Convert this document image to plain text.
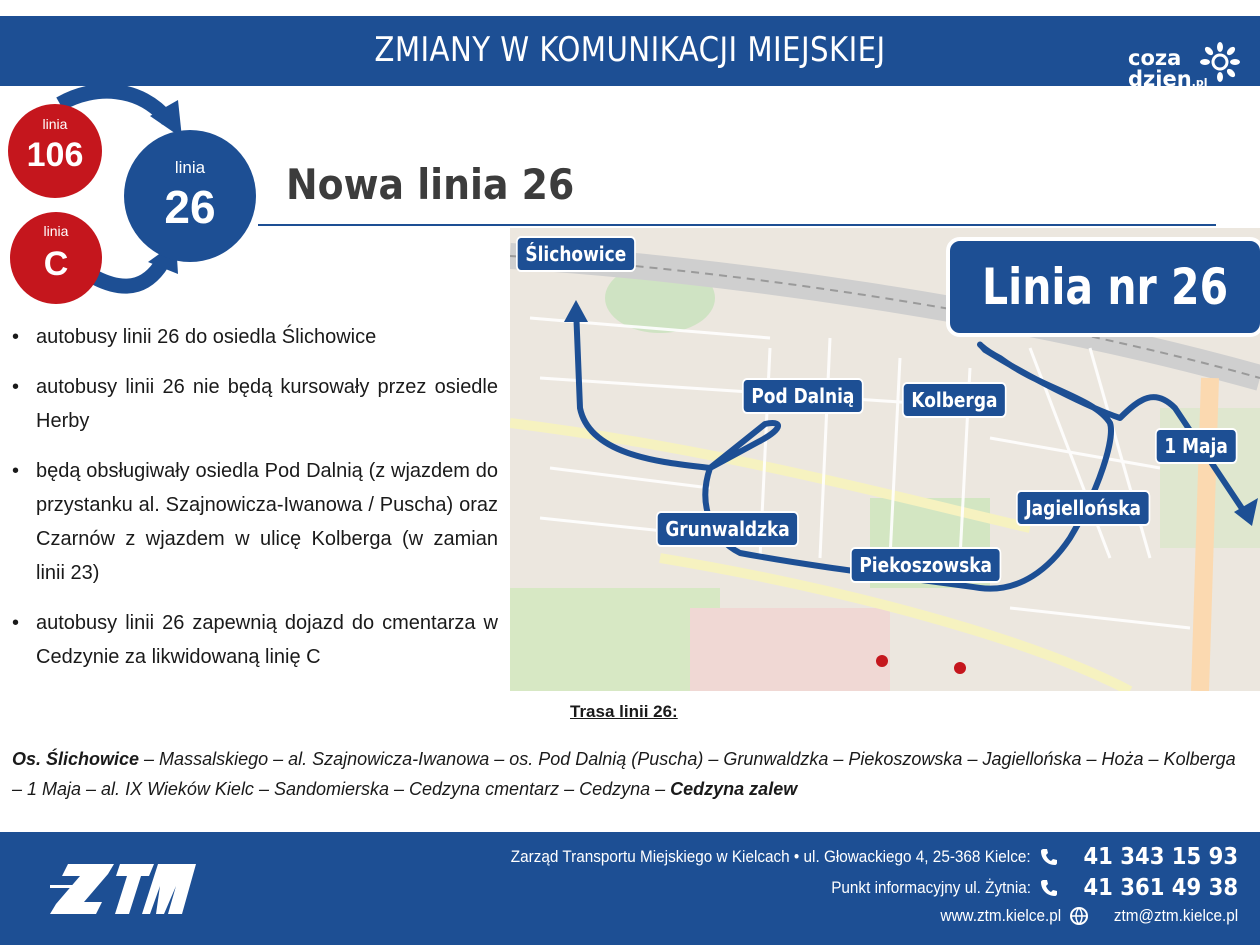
ZMIANY W KOMUNIKACJI MIEJSKIEJ	coza
dzien.pl
linia
106
linia
C
linia
26	Nowa linia 26
• autobusy linii 26 do osiedla Ślichowice
• autobusy linii 26 nie będą kursowały przez osiedle Herby
• będą obsługiwały osiedla Pod Dalnią (z wjazdem do przystanku al. Szajnowicza-Iwanowa / Puscha) oraz Czarnów z wjazdem w ulicę Kolberga (w zamian linii 23)
• autobusy linii 26 zapewnią dojazd do cmentarza w Cedzynie za likwidowaną linię C
Linia nr 26
Ślichowice
Pod Dalnią	Kolberga
1 Maja
Jagiellońska
Grunwaldzka
Piekoszowska
Trasa linii 26:
Os. Ślichowice – Massalskiego – al. Szajnowicza-Iwanowa – os. Pod Dalnią (Puscha) – Grunwaldzka – Piekoszowska – Jagiellońska – Hoża – Kolberga – 1 Maja – al. IX Wieków Kielc – Sandomierska – Cedzyna cmentarz – Cedzyna – Cedzyna zalew
ZTM	Zarząd Transportu Miejskiego w Kielcach • ul. Głowackiego 4, 25-368 Kielce: 41 343 15 93
Punkt informacyjny ul. Żytnia: 41 361 49 38
www.ztm.kielce.pl	ztm@ztm.kielce.pl
